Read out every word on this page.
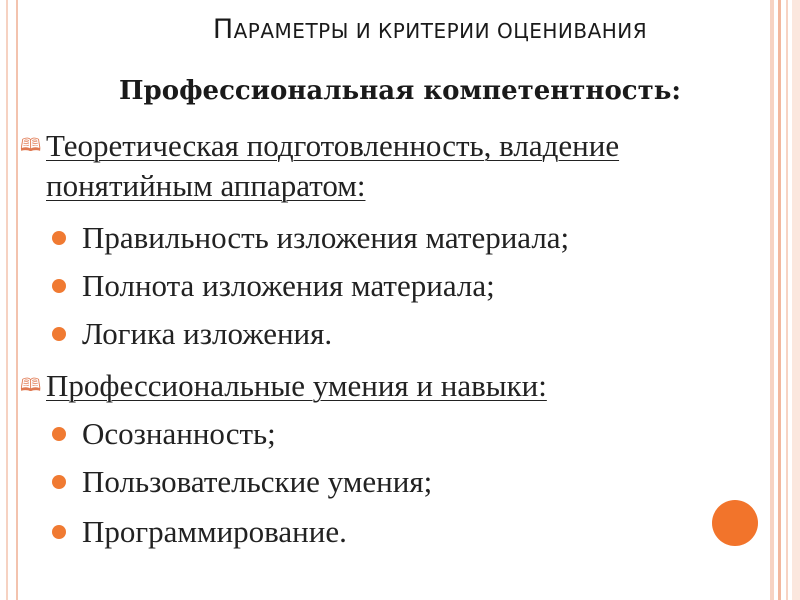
ПАРАМЕТРЫ И КРИТЕРИИ ОЦЕНИВАНИЯ
Профессиональная компетентность:
🕮 Теоретическая подготовленность, владение понятийным аппаратом:
Правильность изложения материала;
Полнота изложения материала;
Логика изложения.
🕮 Профессиональные умения и навыки:
Осознанность;
Пользовательские умения;
Программирование.
